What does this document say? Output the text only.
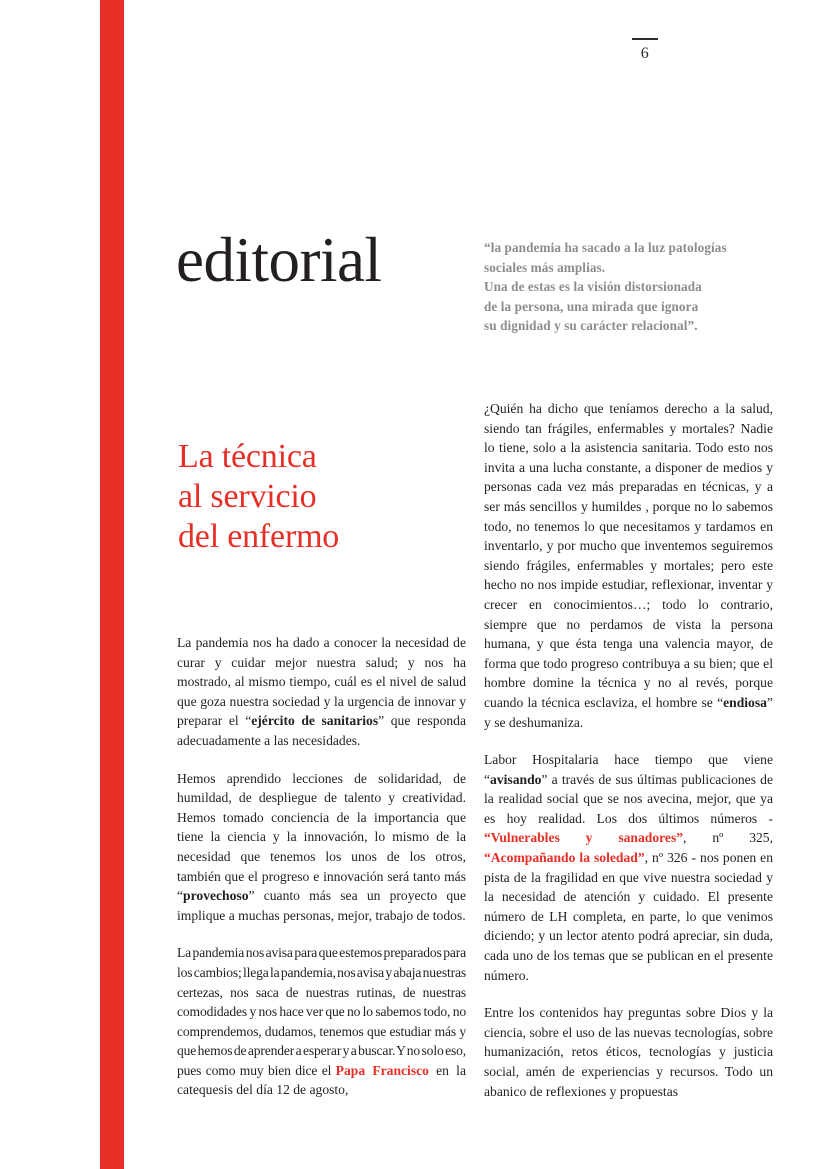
6
editorial	“la pandemia ha sacado a la luz patologías

sociales más amplias.

Una de estas es la visión distorsionada

de la persona, una mirada que ignora

su dignidad y su carácter relacional”.

La técnica
al servicio
del enfermo

La pandemia nos ha dado a conocer la necesidad de curar y cuidar mejor nuestra salud; y nos ha mostrado, al mismo tiempo, cuál es el nivel de salud que goza nuestra sociedad y la urgencia de innovar y preparar el “ejército de sanitarios” que responda adecuadamente a las necesidades.

Hemos aprendido lecciones de solidaridad, de humildad, de despliegue de talento y creatividad. Hemos tomado conciencia de la importancia que tiene la ciencia y la innovación, lo mismo de la necesidad que tenemos los unos de los otros, también que el progreso e innovación será tanto más “provechoso” cuanto más sea un proyecto que implique a muchas personas, mejor, trabajo de todos.

La pandemia nos avisa para que estemos preparados para los cambios; llega la pandemia, nos avisa y abaja nuestras certezas, nos saca de nuestras rutinas, de nuestras comodidades y nos hace ver que no lo sabemos todo, no comprendemos, dudamos, tenemos que estudiar más y que hemos de aprender a esperar y a buscar. Y no solo eso, pues como muy bien dice el Papa Francisco en la catequesis del día 12 de agosto,

¿Quién ha dicho que teníamos derecho a la salud, siendo tan frágiles, enfermables y mortales? Nadie lo tiene, solo a la asistencia sanitaria. Todo esto nos invita a una lucha constante, a disponer de medios y personas cada vez más preparadas en técnicas, y a ser más sencillos y humildes , porque no lo sabemos todo, no tenemos lo que necesitamos y tardamos en inventarlo, y por mucho que inventemos seguiremos siendo frágiles, enfermables y mortales; pero este hecho no nos impide estudiar, reflexionar, inventar y crecer en conocimientos…; todo lo contrario, siempre que no perdamos de vista la persona humana, y que ésta tenga una valencia mayor, de forma que todo progreso contribuya a su bien; que el hombre domine la técnica y no al revés, porque cuando la técnica esclaviza, el hombre se “endiosa” y se deshumaniza.

Labor Hospitalaria hace tiempo que viene “avisando” a través de sus últimas publicaciones de la realidad social que se nos avecina, mejor, que ya es hoy realidad. Los dos últimos números - “Vulnerables y sanadores”, nº 325, “Acompañando la soledad”, nº 326 - nos ponen en pista de la fragilidad en que vive nuestra sociedad y la necesidad de atención y cuidado. El presente número de LH completa, en parte, lo que venimos diciendo; y un lector atento podrá apreciar, sin duda, cada uno de los temas que se publican en el presente número.

Entre los contenidos hay preguntas sobre Dios y la ciencia, sobre el uso de las nuevas tecnologías, sobre humanización, retos éticos, tecnologías y justicia social, amén de experiencias y recursos. Todo un abanico de reflexiones y propuestas
